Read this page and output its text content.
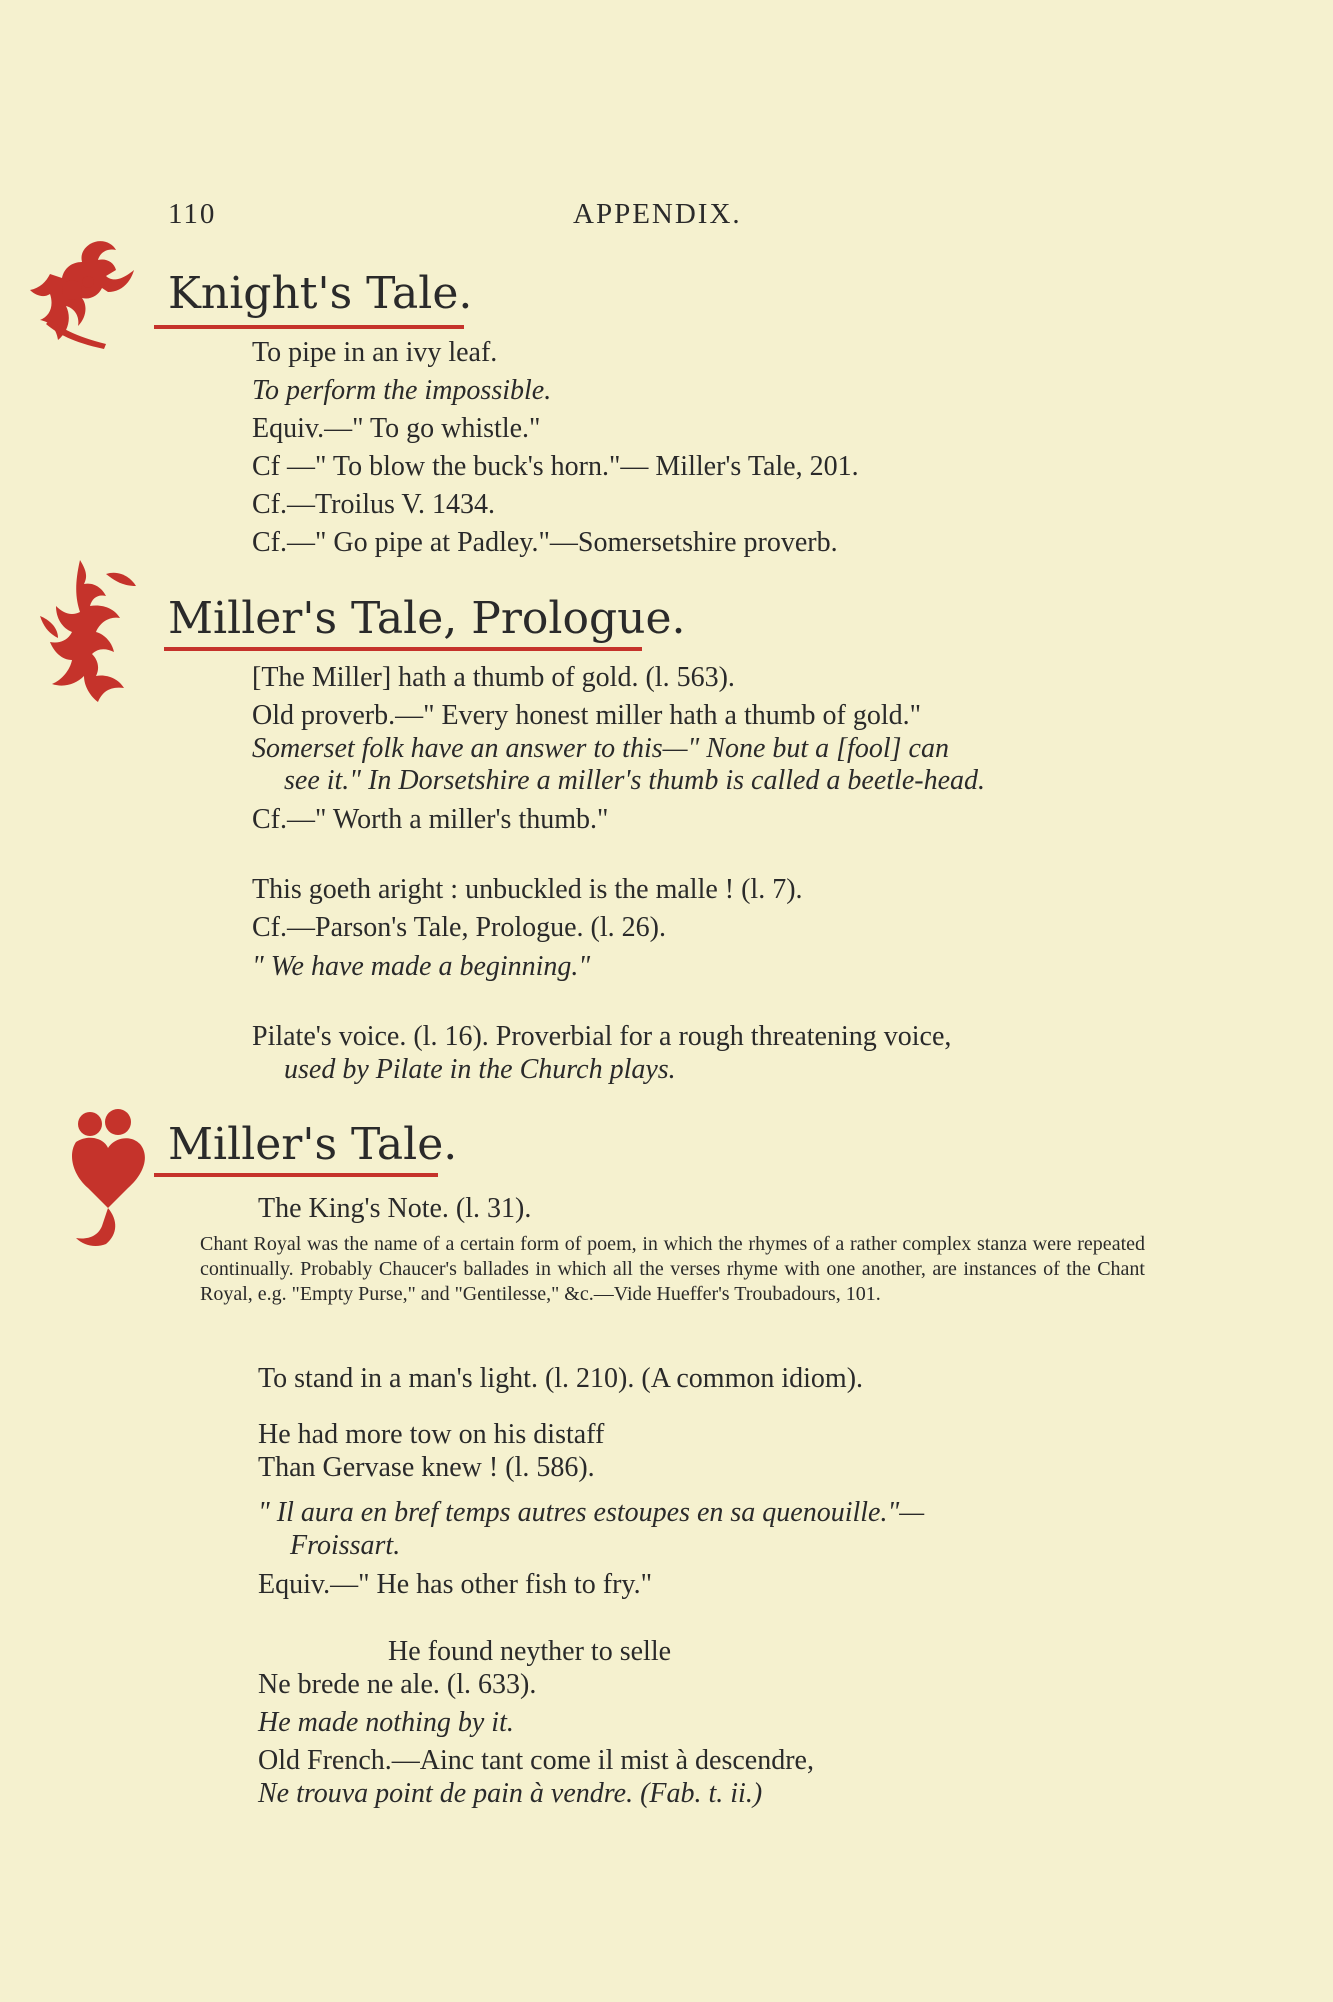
110	APPENDIX.
Knight's Tale.
To pipe in an ivy leaf.
To perform the impossible.
Equiv.—" To go whistle."
Cf —" To blow the buck's horn."— Miller's Tale, 201.
Cf.—Troilus V. 1434.
Cf.—" Go pipe at Padley."—Somersetshire proverb.
Miller's Tale, Prologue.
[The Miller] hath a thumb of gold. (l. 563).
Old proverb.—" Every honest miller hath a thumb of gold."
Somerset folk have an answer to this—" None but a [fool] can
see it." In Dorsetshire a miller's thumb is called a beetle-head.
Cf.—" Worth a miller's thumb."
This goeth aright : unbuckled is the malle ! (l. 7).
Cf.—Parson's Tale, Prologue. (l. 26).
" We have made a beginning."
Pilate's voice. (l. 16). Proverbial for a rough threatening voice,
used by Pilate in the Church plays.
Miller's Tale.
The King's Note. (l. 31).
Chant Royal was the name of a certain form of poem, in which the rhymes of a rather complex stanza were repeated continually. Probably Chaucer's ballades in which all the verses rhyme with one another, are instances of the Chant Royal, e.g. "Empty Purse," and "Gentilesse," &c.—Vide Hueffer's Troubadours, 101.
To stand in a man's light. (l. 210). (A common idiom).
He had more tow on his distaff
Than Gervase knew ! (l. 586).
" Il aura en bref temps autres estoupes en sa quenouille."—
Froissart.
Equiv.—" He has other fish to fry."
He found neyther to selle
Ne brede ne ale. (l. 633).
He made nothing by it.
Old French.—Ainc tant come il mist à descendre,
Ne trouva point de pain à vendre. (Fab. t. ii.)
